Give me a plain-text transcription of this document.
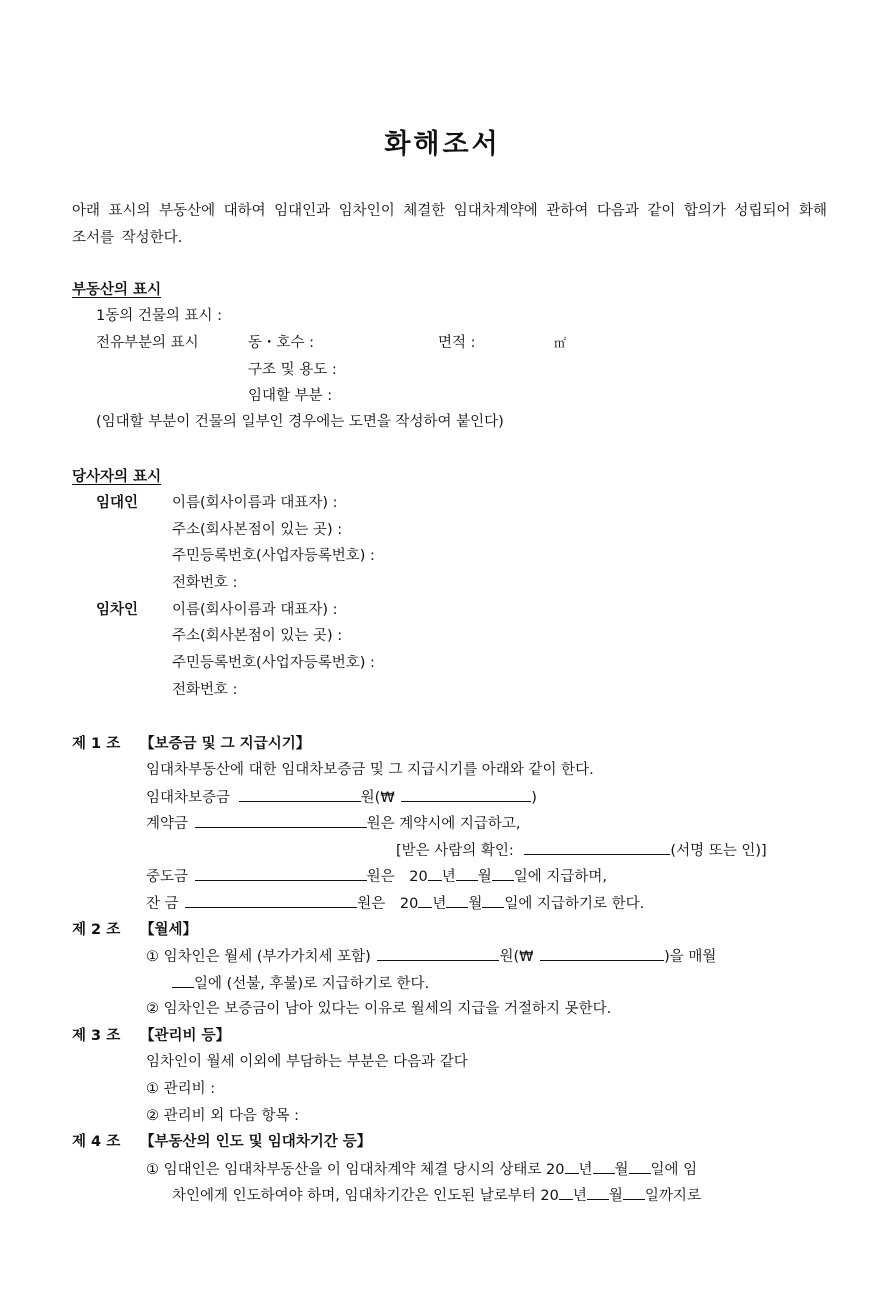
화해조서
아래 표시의 부동산에 대하여 임대인과 임차인이 체결한 임대차계약에 관하여 다음과 같이 합의가 성립되어 화해조서를 작성한다.
부동산의 표시
1동의 건물의 표시 :
전유부분의 표시	동・호수 :	면적 :	㎡
구조 및 용도 :
임대할 부분 :
(임대할 부분이 건물의 일부인 경우에는 도면을 작성하여 붙인다)
당사자의 표시
임대인 이름(회사이름과 대표자) :
주소(회사본점이 있는 곳) :
주민등록번호(사업자등록번호) :
전화번호 :
임차인 이름(회사이름과 대표자) :
주소(회사본점이 있는 곳) :
주민등록번호(사업자등록번호) :
전화번호 :
제 1 조 【보증금 및 그 지급시기】
임대차부동산에 대한 임대차보증금 및 그 지급시기를 아래와 같이 한다.
임대차보증금	원(₩	)
계약금	원은 계약시에 지급하고,
[받은 사람의 확인:	(서명 또는 인)]
중도금	원은 20 년 월 일에 지급하며,
잔 금	원은 20 년 월 일에 지급하기로 한다.
제 2 조 【월세】
① 임차인은 월세 (부가가치세 포함)	원(₩	)을 매월
일에 (선불, 후불)로 지급하기로 한다.
② 임차인은 보증금이 남아 있다는 이유로 월세의 지급을 거절하지 못한다.
제 3 조 【관리비 등】
임차인이 월세 이외에 부담하는 부분은 다음과 같다
① 관리비 :
② 관리비 외 다음 항목 :
제 4 조 【부동산의 인도 및 임대차기간 등】
① 임대인은 임대차부동산을 이 임대차계약 체결 당시의 상태로 20 년 월 일에 임
차인에게 인도하여야 하며, 임대차기간은 인도된 날로부터 20 년 월 일까지로
